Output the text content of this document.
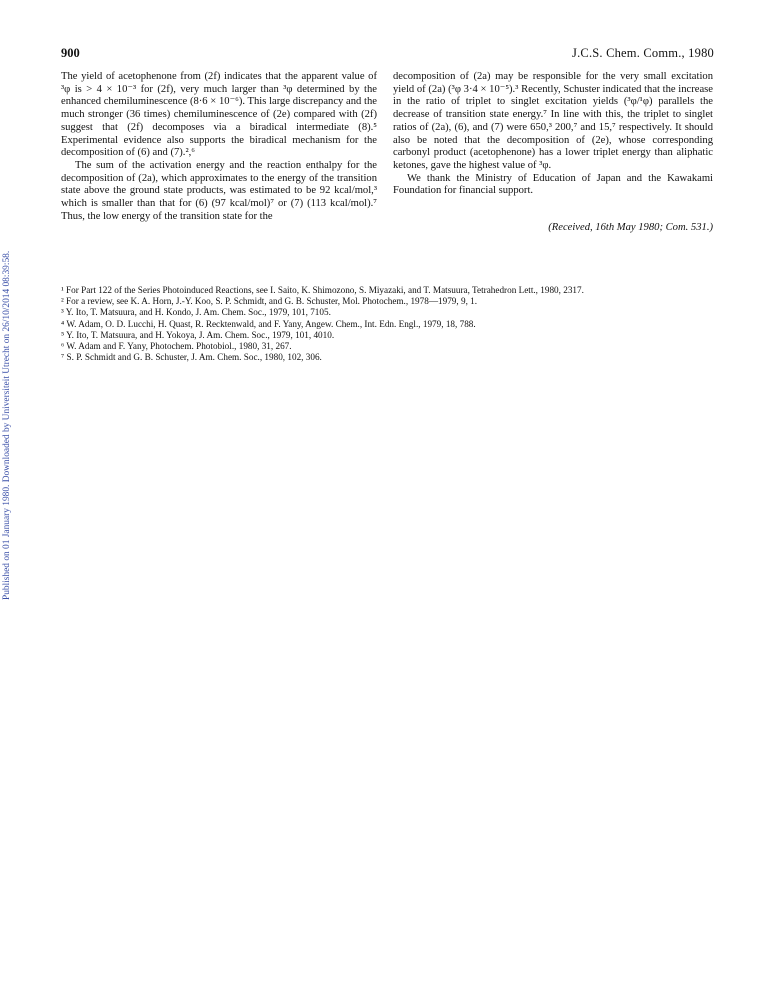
Published on 01 January 1980. Downloaded by Universiteit Utrecht on 26/10/2014 08:39:58.
900	J.C.S. Chem. Comm., 1980

The yield of acetophenone from (2f) indicates that the apparent value of ³φ is > 4 × 10⁻³ for (2f), very much larger than ³φ determined by the enhanced chemiluminescence (8·6 × 10⁻⁶). This large discrepancy and the much stronger (36 times) chemiluminescence of (2e) compared with (2f) suggest that (2f) decomposes via a biradical intermediate (8).⁵ Experimental evidence also supports the biradical mechanism for the decomposition of (6) and (7).²,⁶

The sum of the activation energy and the reaction enthalpy for the decomposition of (2a), which approximates to the energy of the transition state above the ground state products, was estimated to be 92 kcal/mol,³ which is smaller than that for (6) (97 kcal/mol)⁷ or (7) (113 kcal/mol).⁷ Thus, the low energy of the transition state for the

decomposition of (2a) may be responsible for the very small excitation yield of (2a) (³φ 3·4 × 10⁻⁵).³ Recently, Schuster indicated that the increase in the ratio of triplet to singlet excitation yields (³φ/¹φ) parallels the decrease of transition state energy.⁷ In line with this, the triplet to singlet ratios of (2a), (6), and (7) were 650,³ 200,⁷ and 15,⁷ respectively. It should also be noted that the decomposition of (2e), whose corresponding carbonyl product (acetophenone) has a lower triplet energy than aliphatic ketones, gave the highest value of ³φ.

We thank the Ministry of Education of Japan and the Kawakami Foundation for financial support.

(Received, 16th May 1980; Com. 531.)
¹ For Part 122 of the Series Photoinduced Reactions, see I. Saito, K. Shimozono, S. Miyazaki, and T. Matsuura, Tetrahedron Lett., 1980, 2317.
² For a review, see K. A. Horn, J.-Y. Koo, S. P. Schmidt, and G. B. Schuster, Mol. Photochem., 1978—1979, 9, 1.
³ Y. Ito, T. Matsuura, and H. Kondo, J. Am. Chem. Soc., 1979, 101, 7105.
⁴ W. Adam, O. D. Lucchi, H. Quast, R. Recktenwald, and F. Yany, Angew. Chem., Int. Edn. Engl., 1979, 18, 788.
⁵ Y. Ito, T. Matsuura, and H. Yokoya, J. Am. Chem. Soc., 1979, 101, 4010.
⁶ W. Adam and F. Yany, Photochem. Photobiol., 1980, 31, 267.
⁷ S. P. Schmidt and G. B. Schuster, J. Am. Chem. Soc., 1980, 102, 306.
